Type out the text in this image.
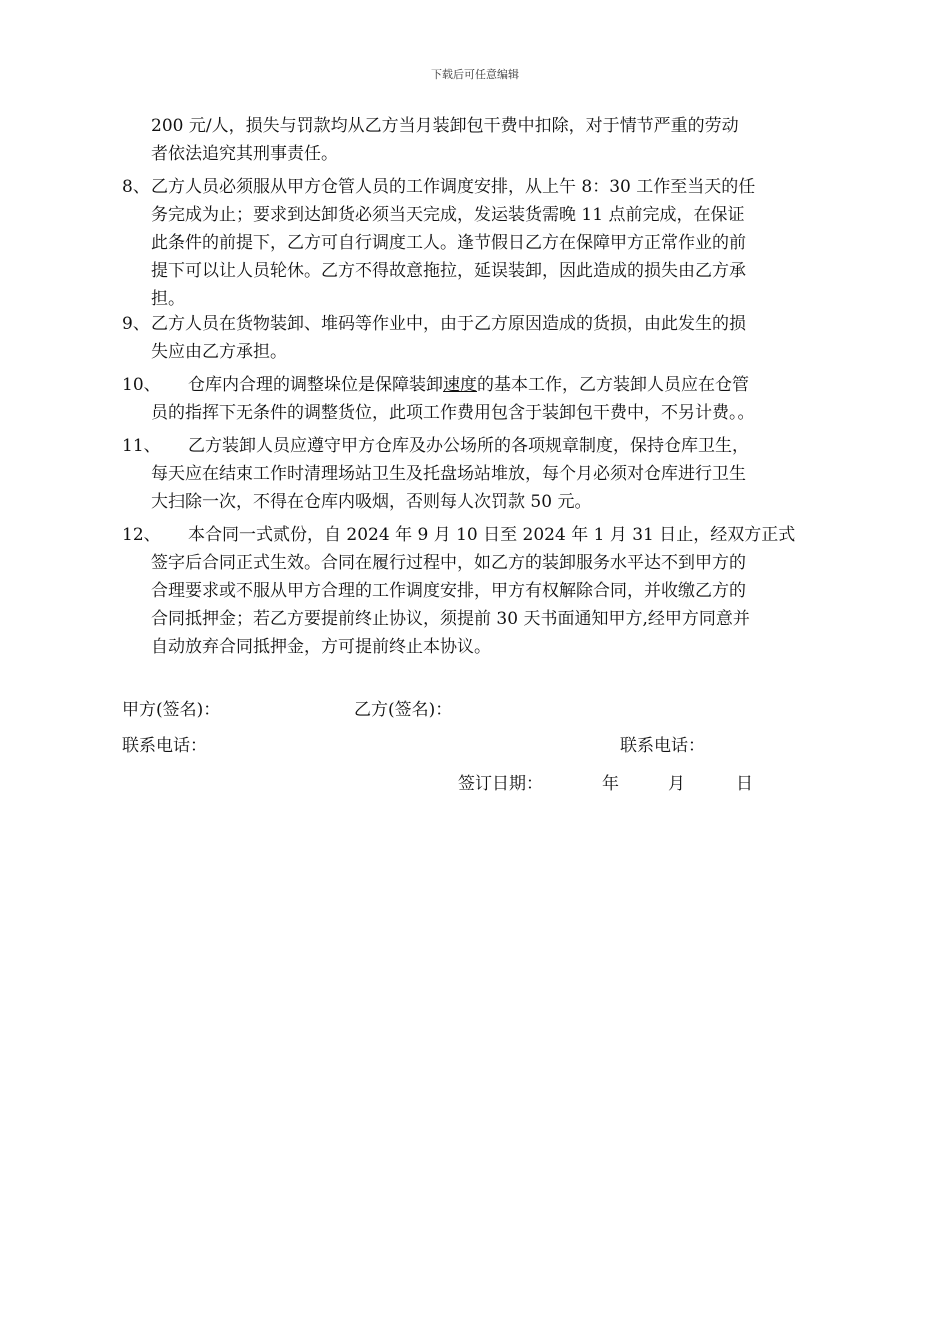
下载后可任意编辑
200 元/人，损失与罚款均从乙方当月装卸包干费中扣除，对于情节严重的劳动
者依法追究其刑事责任。
8、乙方人员必须服从甲方仓管人员的工作调度安排，从上午 8：30 工作至当天的任
务完成为止；要求到达卸货必须当天完成，发运装货需晚 11 点前完成，在保证
此条件的前提下，乙方可自行调度工人。逢节假日乙方在保障甲方正常作业的前
提下可以让人员轮休。乙方不得故意拖拉，延误装卸，因此造成的损失由乙方承
担。
9、乙方人员在货物装卸、堆码等作业中，由于乙方原因造成的货损，由此发生的损
失应由乙方承担。
10、 仓库内合理的调整垛位是保障装卸速度的基本工作，乙方装卸人员应在仓管
员的指挥下无条件的调整货位，此项工作费用包含于装卸包干费中，不另计费。。
11、 乙方装卸人员应遵守甲方仓库及办公场所的各项规章制度，保持仓库卫生，
每天应在结束工作时清理场站卫生及托盘场站堆放，每个月必须对仓库进行卫生
大扫除一次，不得在仓库内吸烟，否则每人次罚款 50 元。
12、 本合同一式贰份，自 2024 年 9 月 10 日至 2024 年 1 月 31 日止，经双方正式
签字后合同正式生效。合同在履行过程中，如乙方的装卸服务水平达不到甲方的
合理要求或不服从甲方合理的工作调度安排，甲方有权解除合同，并收缴乙方的
合同抵押金；若乙方要提前终止协议，须提前 30 天书面通知甲方,经甲方同意并
自动放弃合同抵押金，方可提前终止本协议。
甲方(签名)：	乙方(签名)：
联系电话：	联系电话：
签订日期：	年	月	日
